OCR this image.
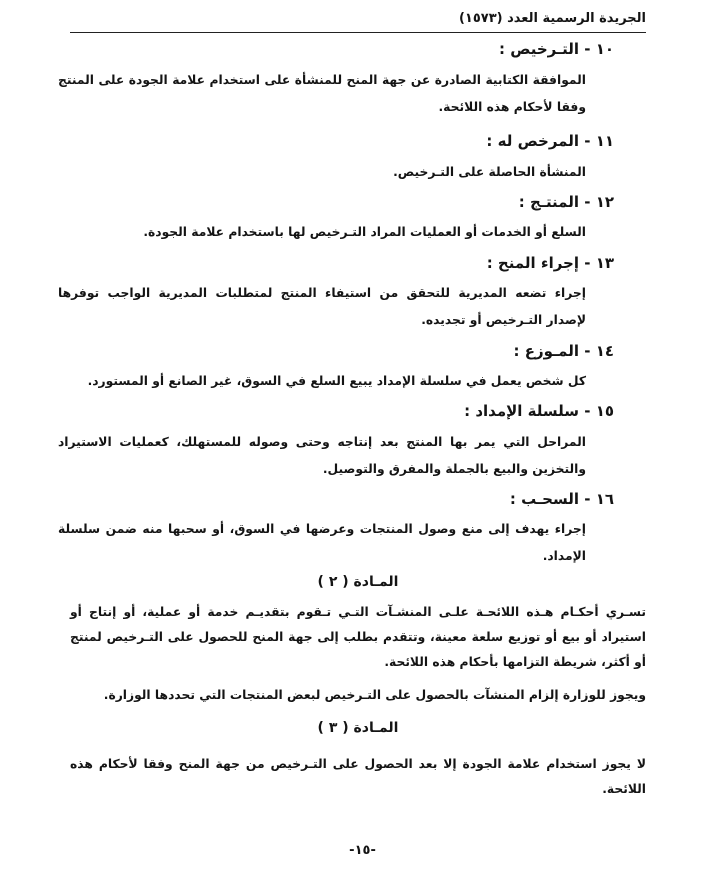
الجريدة الرسمية العدد (١٥٧٣)
١٠ - التـرخيص :
الموافقة الكتابية الصادرة عن جهة المنح للمنشأة على استخدام علامة الجودة على المنتج وفقا لأحكام هذه اللائحة.
١١ - المرخص له :
المنشأة الحاصلة على التـرخيص.
١٢ - المنتـج :
السلع أو الخدمات أو العمليات المراد التـرخيص لها باستخدام علامة الجودة.
١٣ - إجراء المنح :
إجراء تضعه المديرية للتحقق من استيفاء المنتج لمتطلبات المديرية الواجب توفرها لإصدار التـرخيص أو تجديده.
١٤ - المـوزع :
كل شخص يعمل في سلسلة الإمداد يبيع السلع في السوق، غير الصانع أو المستورد.
١٥ - سلسلة الإمداد :
المراحل التي يمر بها المنتج بعد إنتاجه وحتى وصوله للمستهلك، كعمليات الاستيراد والتخزين والبيع بالجملة والمفرق والتوصيل.
١٦ - السحـب :
إجراء يهدف إلى منع وصول المنتجات وعرضها في السوق، أو سحبها منه ضمن سلسلة الإمداد.
المـادة ( ٢ )
تسـري أحكـام هـذه اللائحـة علـى المنشـآت التـي تـقوم بتقديـم خدمة أو عملية، أو إنتاج أو استيراد أو بيع أو توزيع سلعة معينة، وتتقدم بطلب إلى جهة المنح للحصول على التـرخيص لمنتج أو أكثر، شريطة التزامها بأحكام هذه اللائحة.
ويجوز للوزارة إلزام المنشآت بالحصول على التـرخيص لبعض المنتجات التي تحددها الوزارة.
المـادة ( ٣ )
لا يجوز استخدام علامة الجودة إلا بعد الحصول على التـرخيص من جهة المنح وفقا لأحكام هذه اللائحة.
-١٥-
